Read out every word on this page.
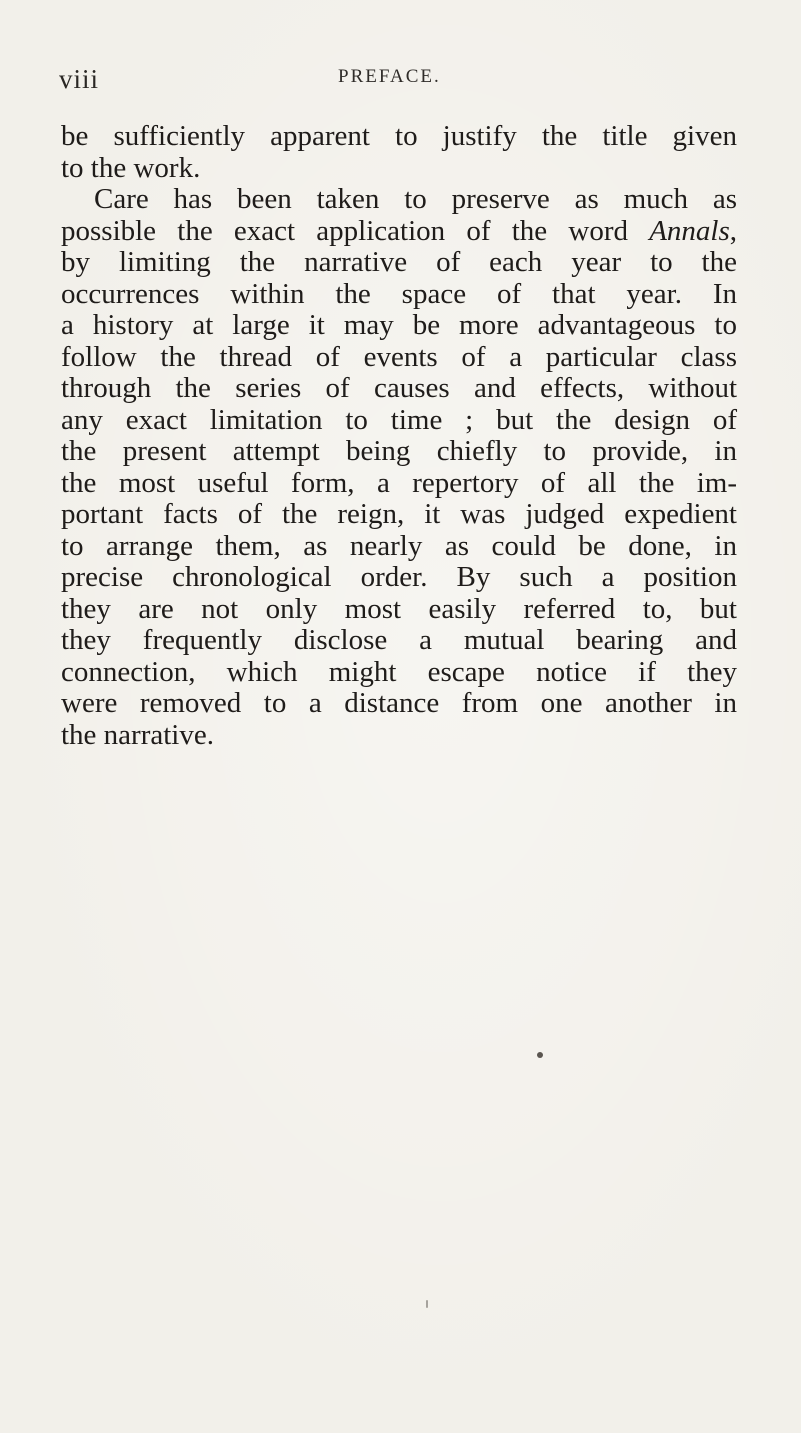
viii	PREFACE.
be sufficiently apparent to justify the title given
to the work.
Care has been taken to preserve as much as
possible the exact application of the word Annals,
by limiting the narrative of each year to the
occurrences within the space of that year. In
a history at large it may be more advantageous to
follow the thread of events of a particular class
through the series of causes and effects, without
any exact limitation to time ; but the design of
the present attempt being chiefly to provide, in
the most useful form, a repertory of all the im-
portant facts of the reign, it was judged expedient
to arrange them, as nearly as could be done, in
precise chronological order. By such a position
they are not only most easily referred to, but
they frequently disclose a mutual bearing and
connection, which might escape notice if they
were removed to a distance from one another in
the narrative.
